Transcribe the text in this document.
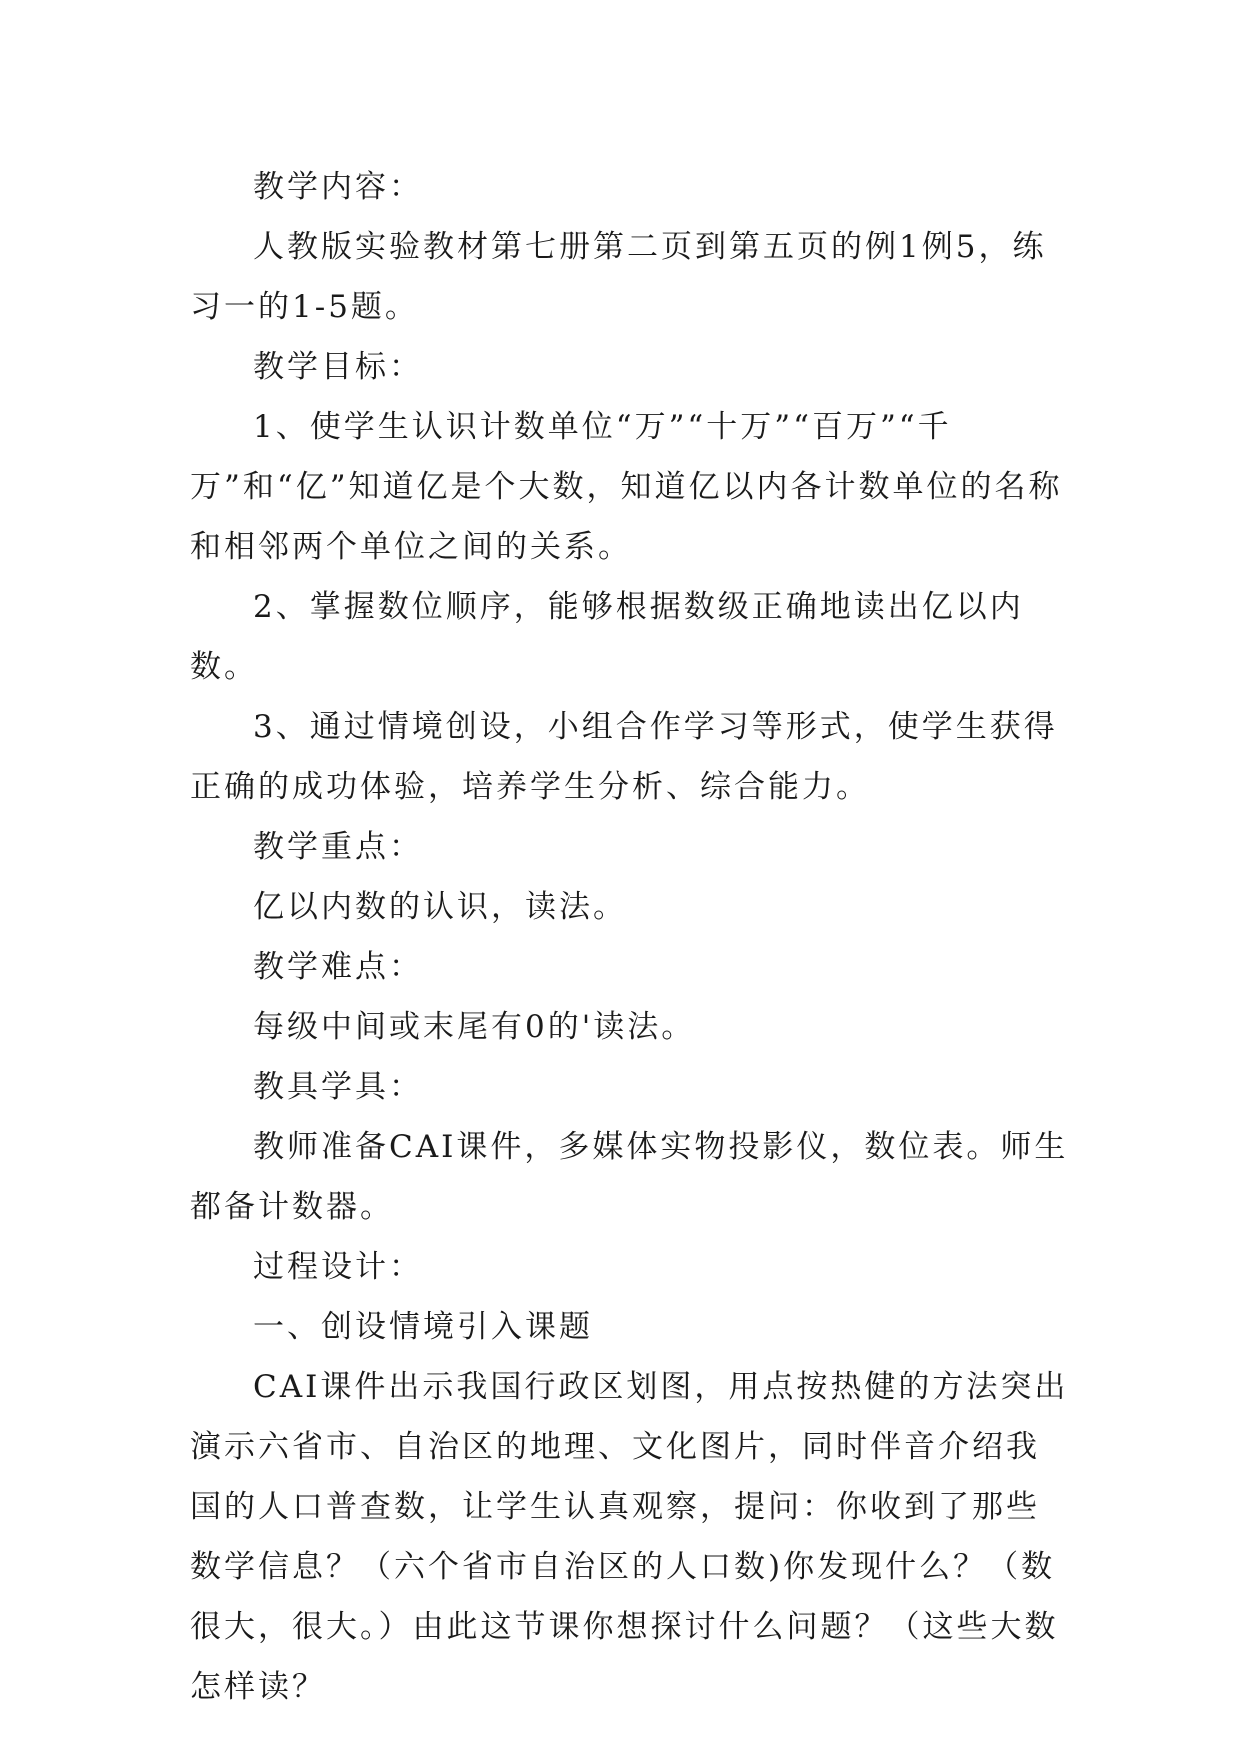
教学内容：

人教版实验教材第七册第二页到第五页的例1例5，练习一的1-5题。

教学目标：

1、使学生认识计数单位“万”“十万”“百万”“千万”和“亿”知道亿是个大数，知道亿以内各计数单位的名称和相邻两个单位之间的关系。

2、掌握数位顺序，能够根据数级正确地读出亿以内数。

3、通过情境创设，小组合作学习等形式，使学生获得正确的成功体验，培养学生分析、综合能力。

教学重点：

亿以内数的认识，读法。

教学难点：

每级中间或末尾有0的'读法。

教具学具：

教师准备CAI课件，多媒体实物投影仪，数位表。师生都备计数器。

过程设计：

一、创设情境引入课题

CAI课件出示我国行政区划图，用点按热健的方法突出演示六省市、自治区的地理、文化图片，同时伴音介绍我国的人口普查数，让学生认真观察，提问：你收到了那些数学信息？（六个省市自治区的人口数)你发现什么？（数很大，很大。）由此这节课你想探讨什么问题？（这些大数怎样读？
